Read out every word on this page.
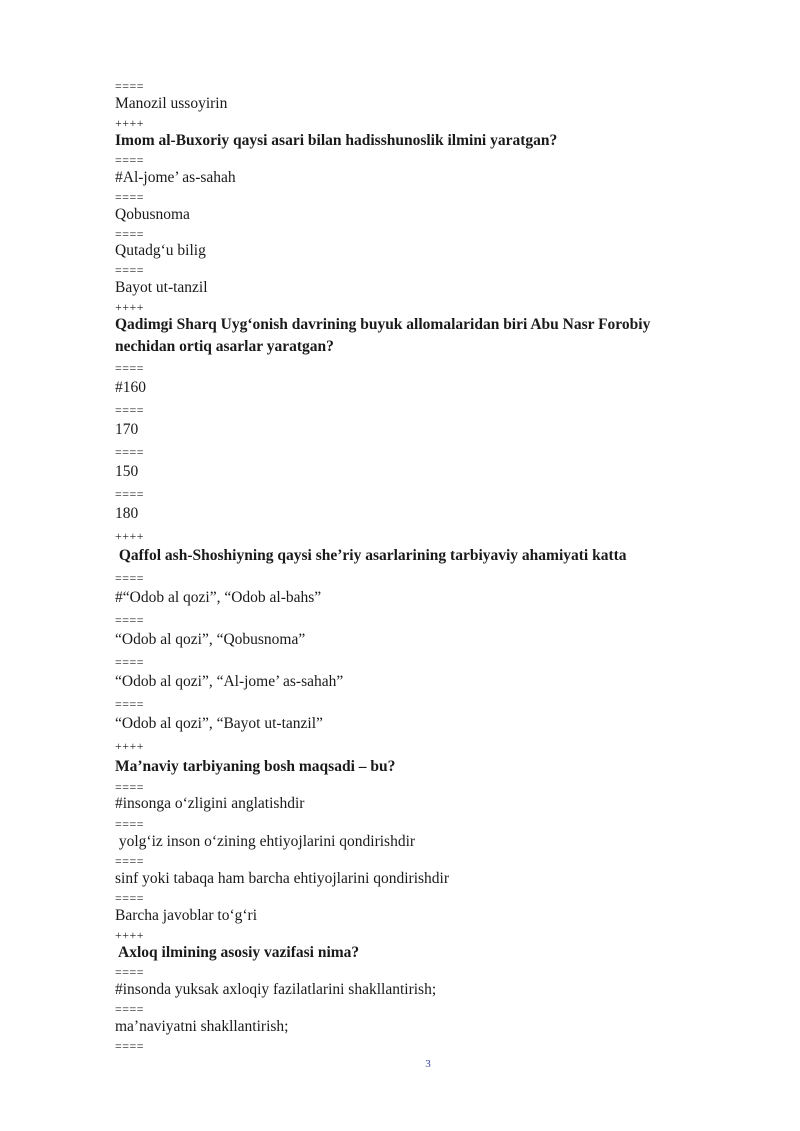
====
Manozil ussoyirin
++++
Imom al-Buxoriy qaysi asari bilan hadisshunoslik ilmini yaratgan?
====
#Al-jome’ as-sahah
====
Qobusnoma
====
Qutadg‘u bilig
====
Bayot ut-tanzil
++++
Qadimgi Sharq Uyg‘onish davrining buyuk allomalaridan biri Abu Nasr Forobiy
nechidan ortiq asarlar yaratgan?
====
#160
====
170
====
150
====
180
++++
Qaffol ash-Shoshiyning qaysi she’riy asarlarining tarbiyaviy ahamiyati katta
====
#“Odob al qozi”, “Odob al-bahs”
====
“Odob al qozi”, “Qobusnoma”
====
“Odob al qozi”, “Al-jome’ as-sahah”
====
“Odob al qozi”, “Bayot ut-tanzil”
++++
Ma’naviy tarbiyaning bosh maqsadi – bu?
====
#insonga o‘zligini anglatishdir
====
yolg‘iz inson o‘zining ehtiyojlarini qondirishdir
====
sinf yoki tabaqa ham barcha ehtiyojlarini qondirishdir
====
Barcha javoblar to‘g‘ri
++++
Axloq ilmining asosiy vazifasi nima?
====
#insonda yuksak axloqiy fazilatlarini shakllantirish;
====
ma’naviyatni shakllantirish;
====
3
